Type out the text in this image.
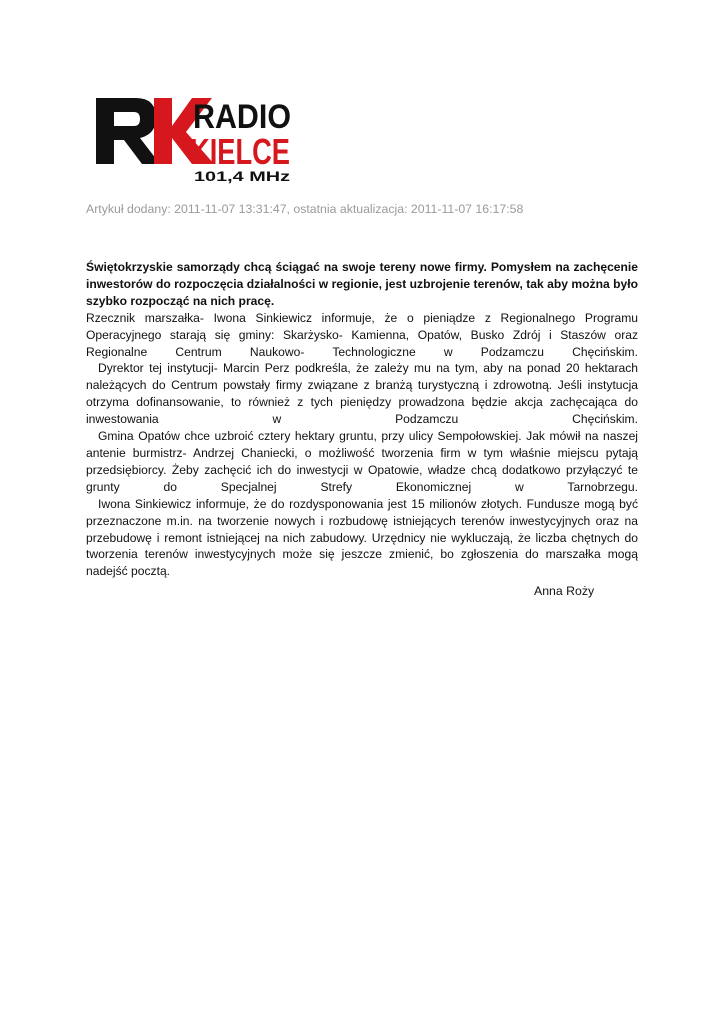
RADIO
KIELCE
101,4 MHz
Artykuł dodany: 2011-11-07 13:31:47, ostatnia aktualizacja: 2011-11-07 16:17:58

Świętokrzyskie samorządy chcą ściągać na swoje tereny nowe firmy. Pomysłem na zachęcenie inwestorów do rozpoczęcia działalności w regionie, jest uzbrojenie terenów, tak aby można było szybko rozpocząć na nich pracę.

Rzecznik marszałka- Iwona Sinkiewicz informuje, że o pieniądze z Regionalnego Programu Operacyjnego starają się gminy: Skarżysko- Kamienna, Opatów, Busko Zdrój i Staszów oraz Regionalne Centrum Naukowo- Technologiczne w Podzamczu Chęcińskim.

Dyrektor tej instytucji- Marcin Perz podkreśla, że zależy mu na tym, aby na ponad 20 hektarach należących do Centrum powstały firmy związane z branżą turystyczną i zdrowotną. Jeśli instytucja otrzyma dofinansowanie, to również z tych pieniędzy prowadzona będzie akcja zachęcająca do inwestowania w Podzamczu Chęcińskim.

Gmina Opatów chce uzbroić cztery hektary gruntu, przy ulicy Sempołowskiej. Jak mówił na naszej antenie burmistrz- Andrzej Chaniecki, o możliwość tworzenia firm w tym właśnie miejscu pytają przedsiębiorcy. Żeby zachęcić ich do inwestycji w Opatowie, władze chcą dodatkowo przyłączyć te grunty do Specjalnej Strefy Ekonomicznej w Tarnobrzegu.

Iwona Sinkiewicz informuje, że do rozdysponowania jest 15 milionów złotych. Fundusze mogą być przeznaczone m.in. na tworzenie nowych i rozbudowę istniejących terenów inwestycyjnych oraz na przebudowę i remont istniejącej na nich zabudowy. Urzędnicy nie wykluczają, że liczba chętnych do tworzenia terenów inwestycyjnych może się jeszcze zmienić, bo zgłoszenia do marszałka mogą nadejść pocztą.

Anna Roży
